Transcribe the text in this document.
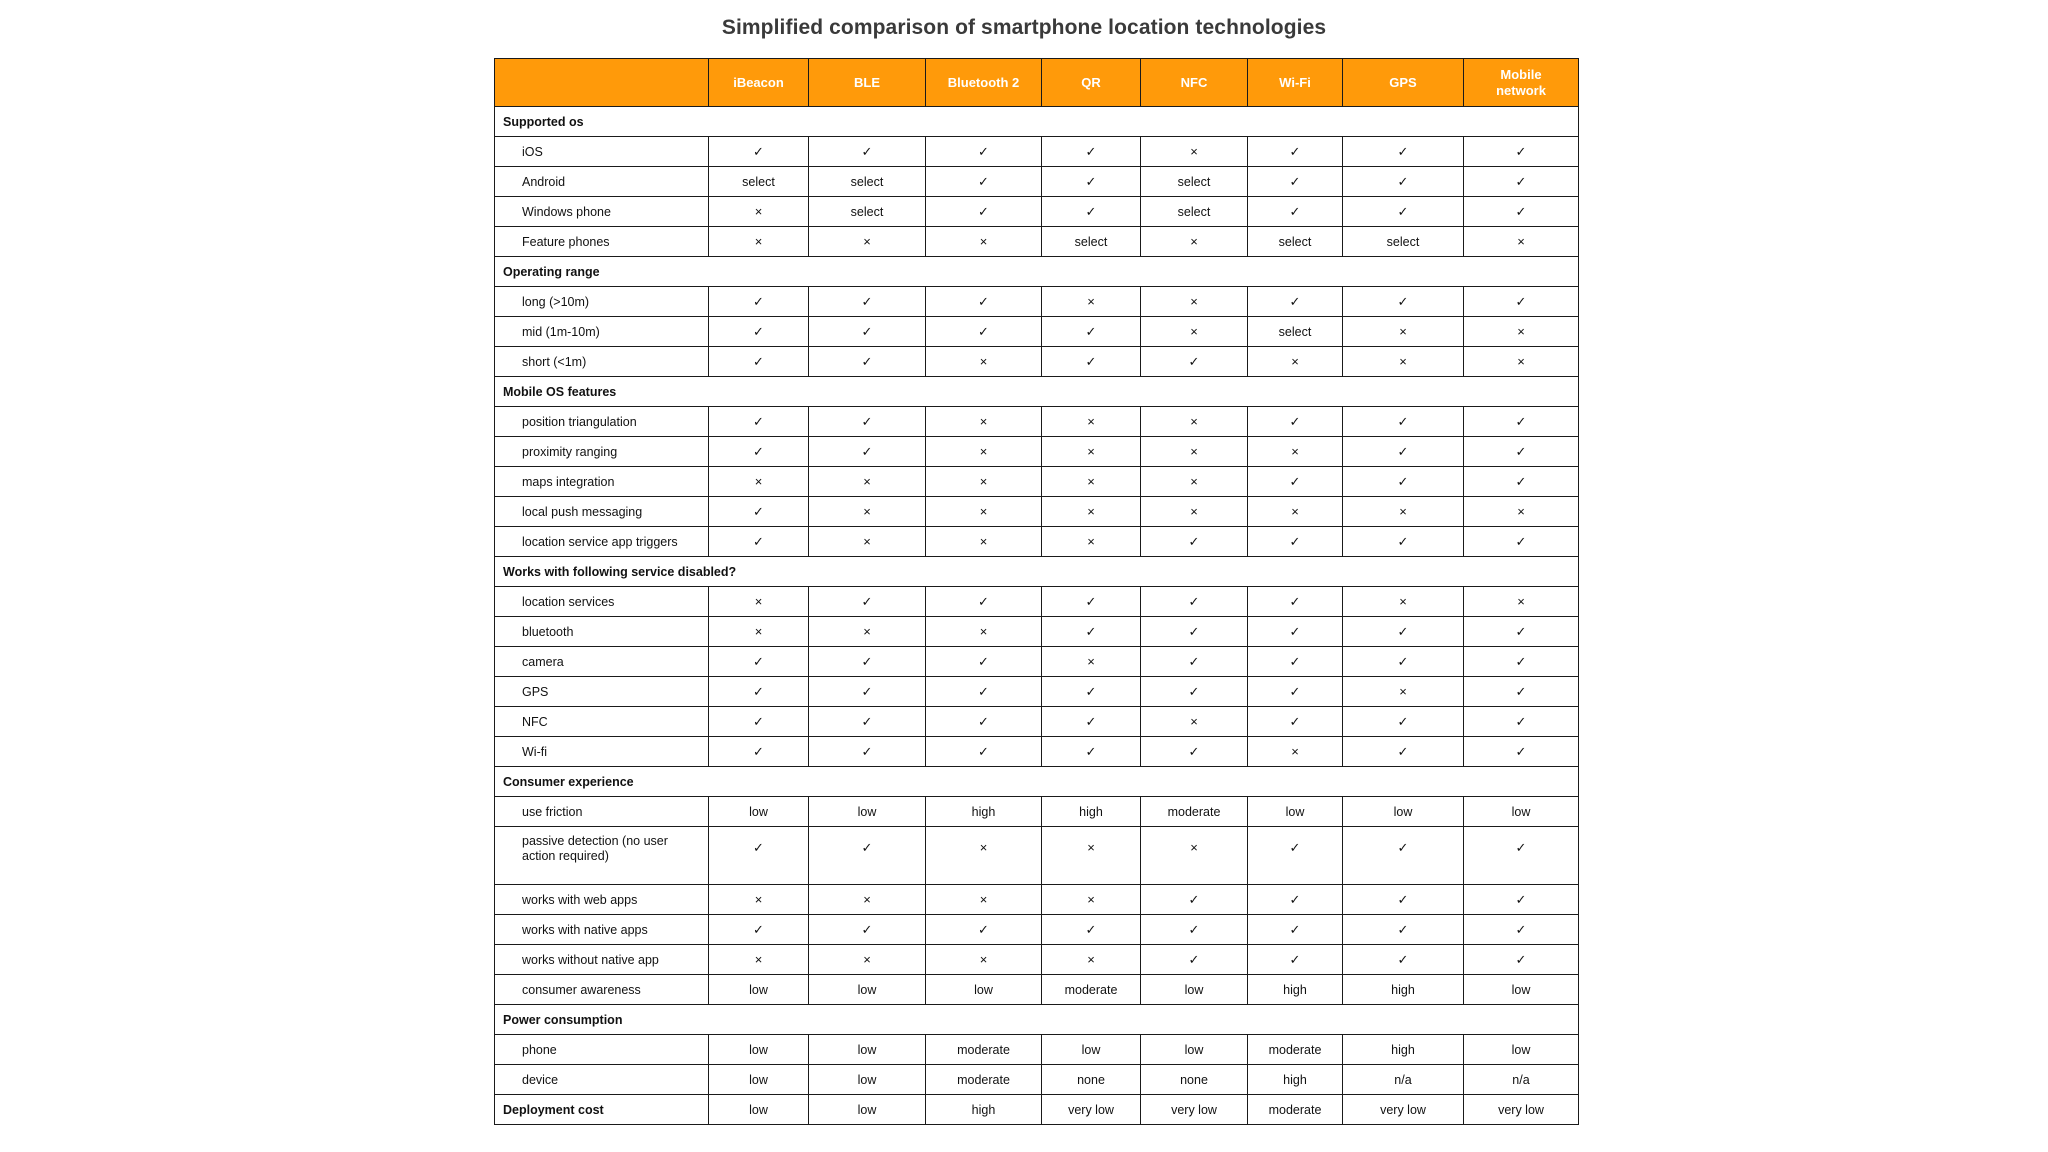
Simplified comparison of smartphone location technologies
	iBeacon	BLE	Bluetooth 2	QR	NFC	Wi-Fi	GPS	Mobile network
Supported os								
iOS	✓	✓	✓	✓	×	✓	✓	✓
Android	select	select	✓	✓	select	✓	✓	✓
Windows phone	×	select	✓	✓	select	✓	✓	✓
Feature phones	×	×	×	select	×	select	select	×
Operating range								
long (>10m)	✓	✓	✓	×	×	✓	✓	✓
mid (1m-10m)	✓	✓	✓	✓	×	select	×	×
short (<1m)	✓	✓	×	✓	✓	×	×	×
Mobile OS features								
position triangulation	✓	✓	×	×	×	✓	✓	✓
proximity ranging	✓	✓	×	×	×	×	✓	✓
maps integration	×	×	×	×	×	✓	✓	✓
local push messaging	✓	×	×	×	×	×	×	×
location service app triggers	✓	×	×	×	✓	✓	✓	✓
Works with following service disabled?								
location services	×	✓	✓	✓	✓	✓	×	×
bluetooth	×	×	×	✓	✓	✓	✓	✓
camera	✓	✓	✓	×	✓	✓	✓	✓
GPS	✓	✓	✓	✓	✓	✓	×	✓
NFC	✓	✓	✓	✓	×	✓	✓	✓
Wi-fi	✓	✓	✓	✓	✓	×	✓	✓
Consumer experience								
use friction	low	low	high	high	moderate	low	low	low
passive detection (no user action required)	✓	✓	×	×	×	✓	✓	✓
works with web apps	×	×	×	×	✓	✓	✓	✓
works with native apps	✓	✓	✓	✓	✓	✓	✓	✓
works without native app	×	×	×	×	✓	✓	✓	✓
consumer awareness	low	low	low	moderate	low	high	high	low
Power consumption								
phone	low	low	moderate	low	low	moderate	high	low
device	low	low	moderate	none	none	high	n/a	n/a
Deployment cost	low	low	high	very low	very low	moderate	very low	very low
